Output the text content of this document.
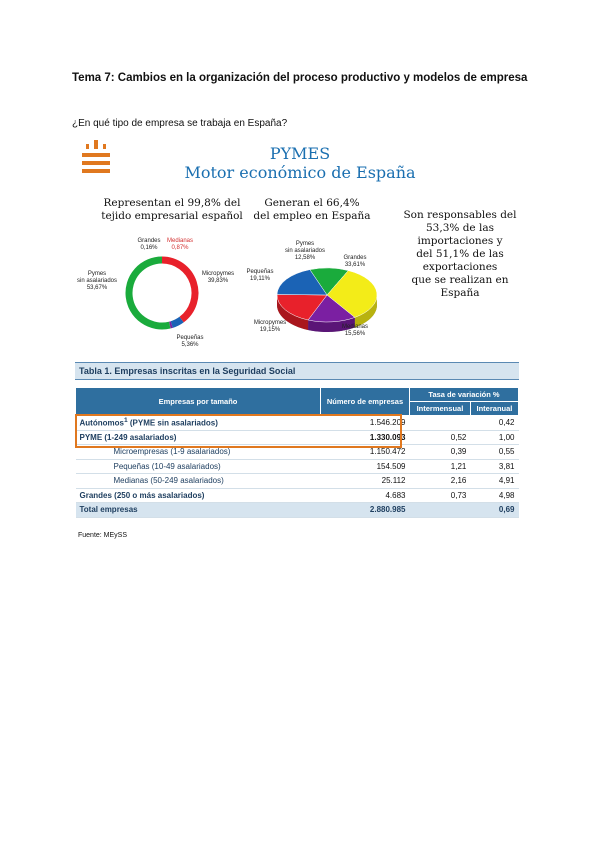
Tema 7: Cambios en la organización del proceso productivo y modelos de empresa
¿En qué tipo de empresa se trabaja en España?
PYMES
Motor económico de España
Representan el 99,8% del
tejido empresarial español
Generan el 66,4%
del empleo en España	Son responsables del
53,3% de las
importaciones y
del 51,1% de las
exportaciones
que se realizan en
España
Grandes
0,16%
Medianas
0,87%
Pymes
sin asalariados
53,67%
Micropymes
39,83%
Pequeñas
5,36%
Pymes
sin asalariados
12,58%	Grandes
33,61%
Pequeñas
19,11%
Micropymes
19,15%	Medianas
15,56%
Tabla 1. Empresas inscritas en la Seguridad Social
Empresas por tamaño	Número de empresas	Tasa de variación %	
		Intermensual	Interanual
Autónomos$^1$ (PYME sin asalariados)	1.546.209		0,42
PYME (1-249 asalariados)	1.330.093	0,52	1,00
Microempresas (1-9 asalariados)	1.150.472	0,39	0,55
Pequeñas (10-49 asalariados)	154.509	1,21	3,81
Medianas (50-249 asalariados)	25.112	2,16	4,91
Grandes (250 o más asalariados)	4.683	0,73	4,98
Total empresas	2.880.985		0,69
Fuente: MEySS
